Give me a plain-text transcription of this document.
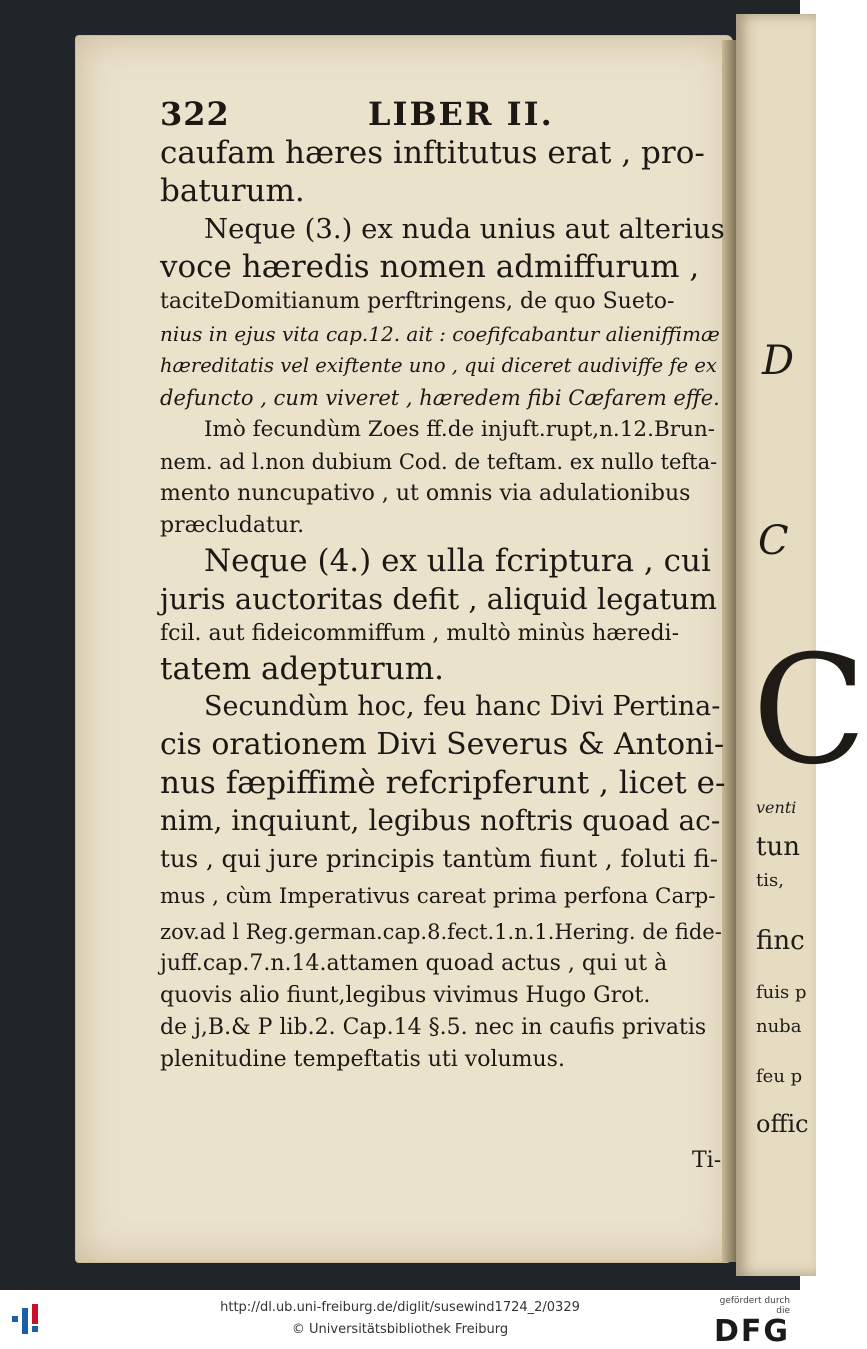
D
C
C
venti
tun
tis,
finc
fuis p
nuba
feu p
offic
322	LIBER II.
caufam hæres inftitutus erat , pro-
baturum.
Neque (3.) ex nuda unius aut alterius
voce hæredis nomen admiffurum ,
taciteDomitianum perftringens, de quo Sueto-
nius in ejus vita cap.12. ait : coefifcabantur alieniffimæ
hæreditatis vel exiftente uno , qui diceret audiviffe fe ex
defuncto , cum viveret , hæredem fibi Cæfarem effe.
Imò fecundùm Zoes ff.de injuft.rupt,n.12.Brun-
nem. ad l.non dubium Cod. de teftam. ex nullo tefta-
mento nuncupativo , ut omnis via adulationibus
præcludatur.
Neque (4.) ex ulla fcriptura , cui
juris auctoritas defit , aliquid legatum
fcil. aut fideicommiffum , multò minùs hæredi-
tatem adepturum.
Secundùm hoc, feu hanc Divi Pertina-
cis orationem Divi Severus & Antoni-
nus fæpiffimè refcripferunt , licet e-
nim, inquiunt, legibus noftris quoad ac-
tus , qui jure principis tantùm fiunt , foluti fi-
mus , cùm Imperativus careat prima perfona Carp-
zov.ad l Reg.german.cap.8.fect.1.n.1.Hering. de fide-
juff.cap.7.n.14.attamen quoad actus , qui ut à
quovis alio fiunt,legibus vivimus Hugo Grot.
de j,B.& P lib.2. Cap.14 §.5. nec in caufis privatis
plenitudine tempeftatis uti volumus.
Ti-
http://dl.ub.uni-freiburg.de/diglit/susewind1724_2/0329
© Universitätsbibliothek Freiburg
gefördert durch die
DFG
